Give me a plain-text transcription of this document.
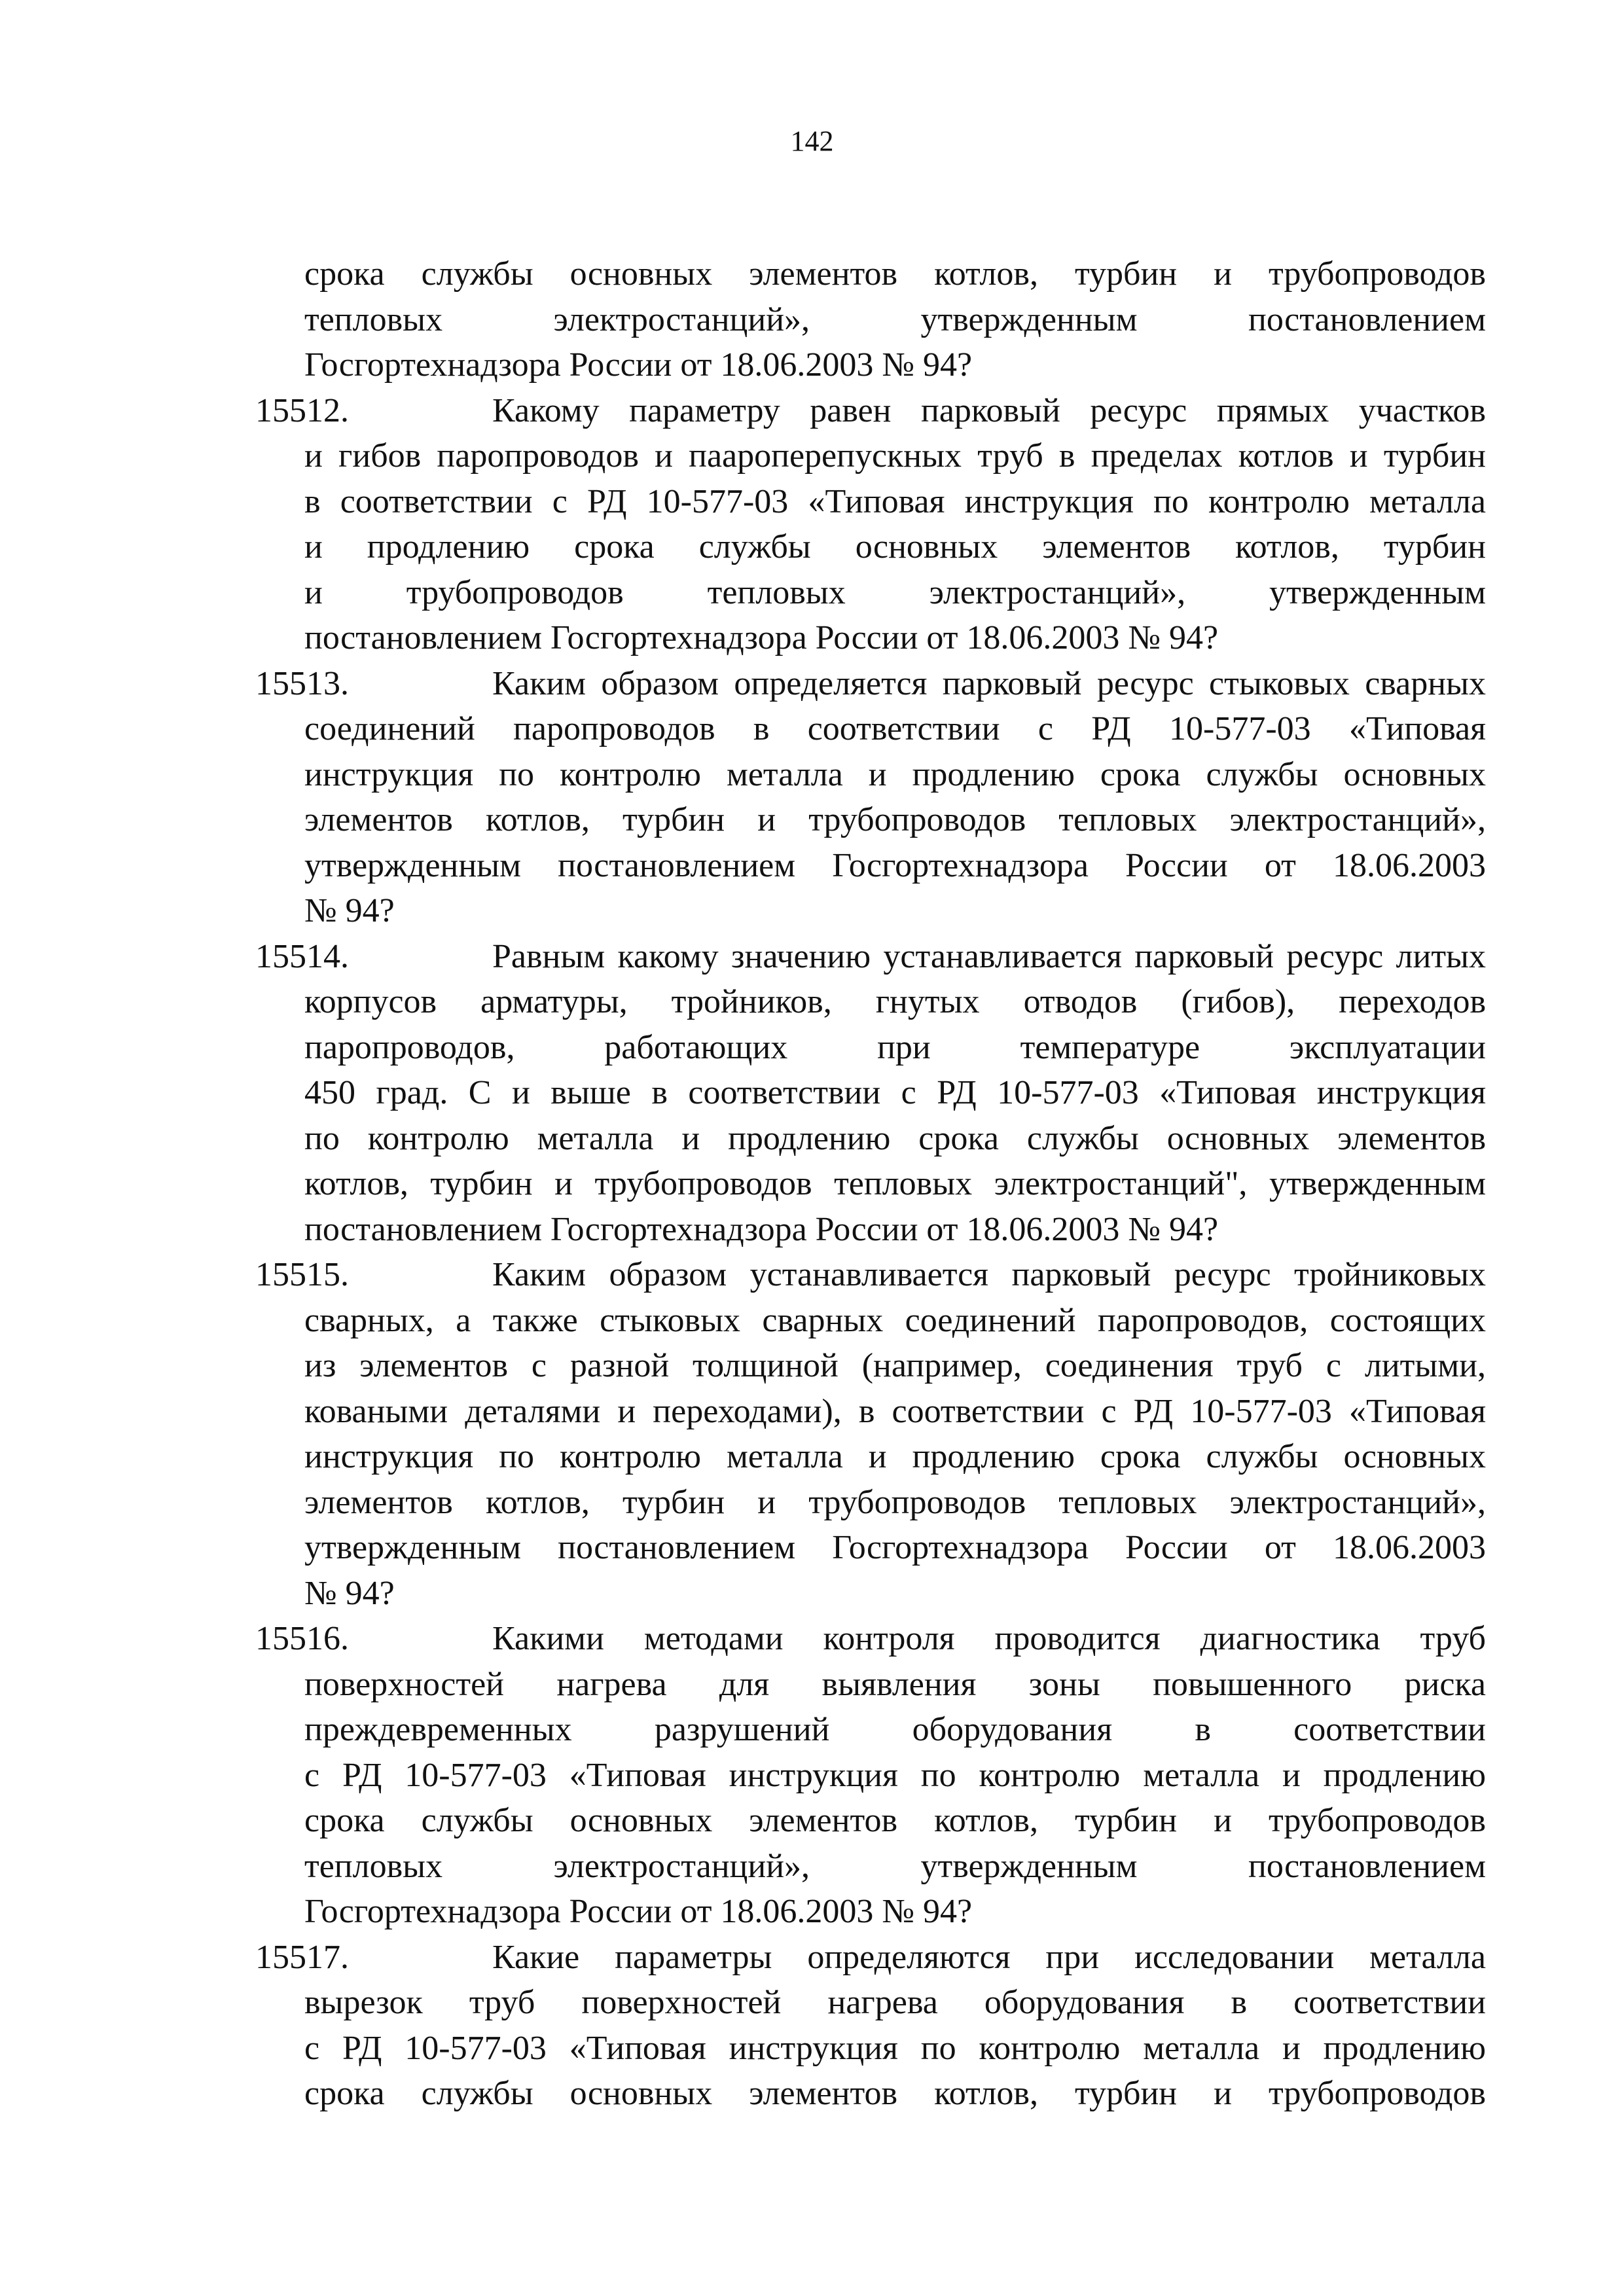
142
срока службы основных элементов котлов, турбин и трубопроводов
тепловых электростанций», утвержденным постановлением
Госгортехнадзора России от 18.06.2003 № 94?
15512.	Какому параметру равен парковый ресурс прямых участков
и гибов паропроводов и паароперепускных труб в пределах котлов и турбин
в соответствии с РД 10-577-03 «Типовая инструкция по контролю металла
и продлению срока службы основных элементов котлов, турбин
и трубопроводов тепловых электростанций», утвержденным
постановлением Госгортехнадзора России от 18.06.2003 № 94?
15513.	Каким образом определяется парковый ресурс стыковых сварных
соединений паропроводов в соответствии с РД 10-577-03 «Типовая
инструкция по контролю металла и продлению срока службы основных
элементов котлов, турбин и трубопроводов тепловых электростанций»,
утвержденным постановлением Госгортехнадзора России от 18.06.2003
№ 94?
15514.	Равным какому значению устанавливается парковый ресурс литых
корпусов арматуры, тройников, гнутых отводов (гибов), переходов
паропроводов, работающих при температуре эксплуатации
450 град. С и выше в соответствии с РД 10-577-03 «Типовая инструкция
по контролю металла и продлению срока службы основных элементов
котлов, турбин и трубопроводов тепловых электростанций", утвержденным
постановлением Госгортехнадзора России от 18.06.2003 № 94?
15515.	Каким образом устанавливается парковый ресурс тройниковых
сварных, а также стыковых сварных соединений паропроводов, состоящих
из элементов с разной толщиной (например, соединения труб с литыми,
коваными деталями и переходами), в соответствии с РД 10-577-03 «Типовая
инструкция по контролю металла и продлению срока службы основных
элементов котлов, турбин и трубопроводов тепловых электростанций»,
утвержденным постановлением Госгортехнадзора России от 18.06.2003
№ 94?
15516.	Какими методами контроля проводится диагностика труб
поверхностей нагрева для выявления зоны повышенного риска
преждевременных разрушений оборудования в соответствии
с РД 10-577-03 «Типовая инструкция по контролю металла и продлению
срока службы основных элементов котлов, турбин и трубопроводов
тепловых электростанций», утвержденным постановлением
Госгортехнадзора России от 18.06.2003 № 94?
15517.	Какие параметры определяются при исследовании металла
вырезок труб поверхностей нагрева оборудования в соответствии
с РД 10-577-03 «Типовая инструкция по контролю металла и продлению
срока службы основных элементов котлов, турбин и трубопроводов
